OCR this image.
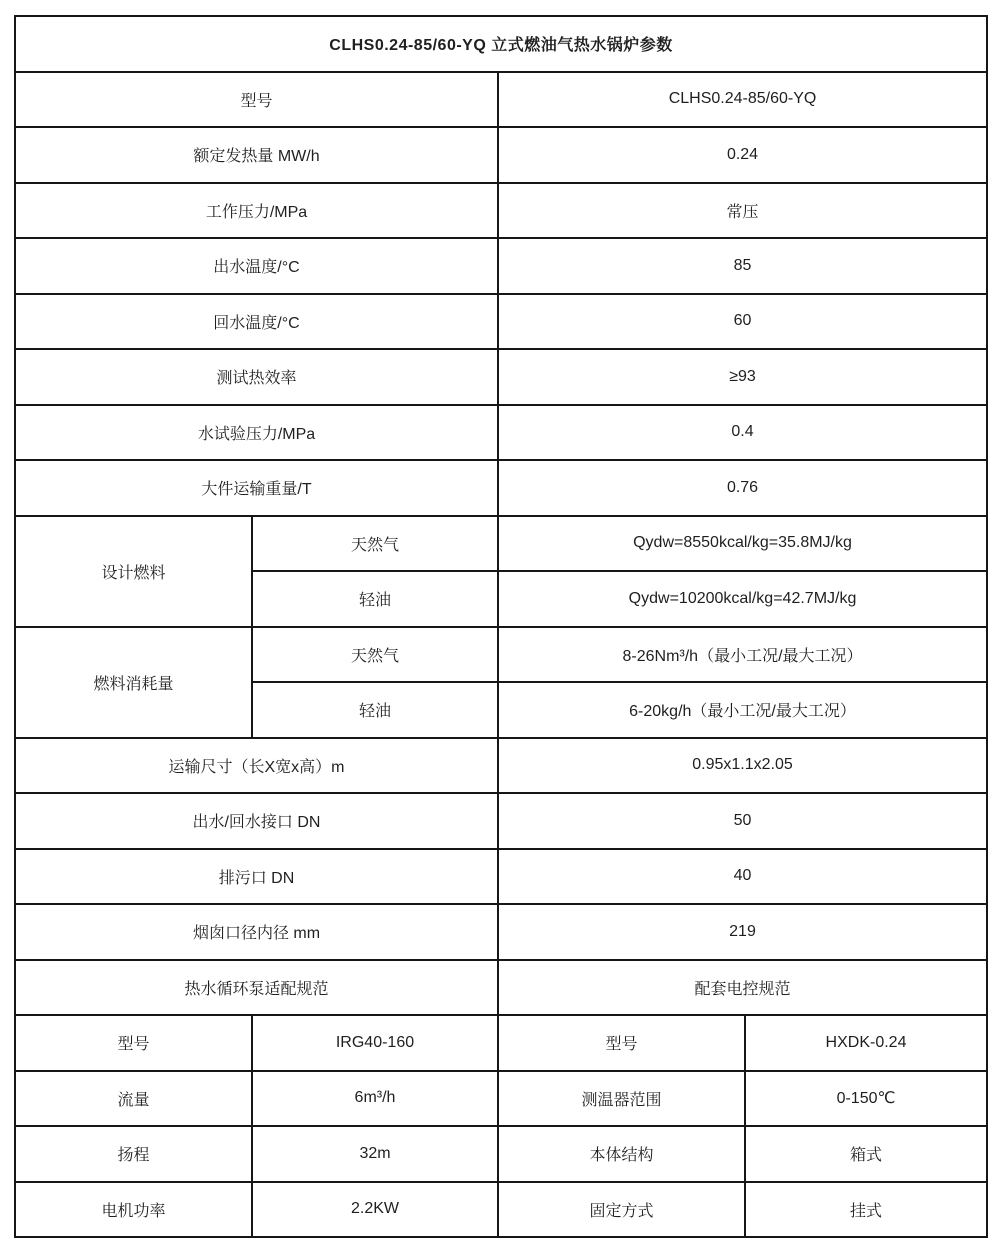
CLHS0.24-85/60-YQ 立式燃油气热水锅炉参数			
型号		CLHS0.24-85/60-YQ	
额定发热量 MW/h		0.24	
工作压力/MPa		常压	
出水温度/°C		85	
回水温度/°C		60	
测试热效率		≥93	
水试验压力/MPa		0.4	
大件运输重量/T		0.76	
设计燃料	天然气	Qydw=8550kcal/kg=35.8MJ/kg	
	轻油	Qydw=10200kcal/kg=42.7MJ/kg	
燃料消耗量	天然气	8-26Nm³/h（最小工况/最大工况）	
	轻油	6-20kg/h（最小工况/最大工况）	
运输尺寸（长X宽x高）m		0.95x1.1x2.05	
出水/回水接口 DN		50	
排污口 DN		40	
烟囱口径内径 mm		219	
热水循环泵适配规范		配套电控规范	
型号	IRG40-160	型号	HXDK-0.24
流量	6m³/h	测温器范围	0-150℃
扬程	32m	本体结构	箱式
电机功率	2.2KW	固定方式	挂式
